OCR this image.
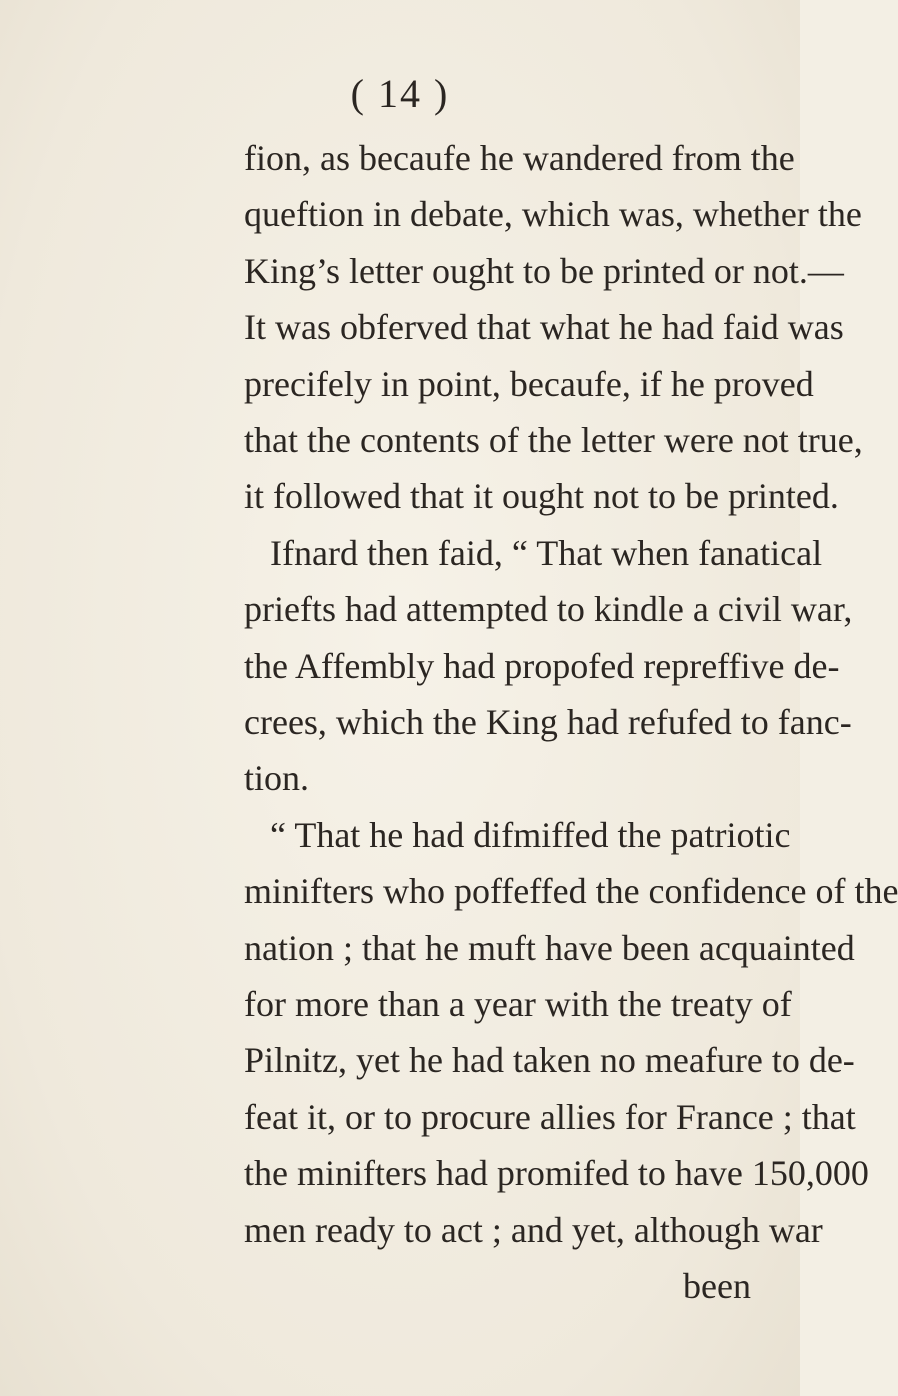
( 14 )
fion, as becaufe he wandered from the
queftion in debate, which was, whether the
King’s letter ought to be printed or not.—
It was obferved that what he had faid was
precifely in point, becaufe, if he proved
that the contents of the letter were not true,
it followed that it ought not to be printed.
Ifnard then faid, “ That when fanatical
priefts had attempted to kindle a civil war,
the Affembly had propofed repreffive de-
crees, which the King had refufed to fanc-
tion.
“ That he had difmiffed the patriotic
minifters who poffeffed the confidence of the
nation ; that he muft have been acquainted
for more than a year with the treaty of
Pilnitz, yet he had taken no meafure to de-
feat it, or to procure allies for France ; that
the minifters had promifed to have 150,000
men ready to act ; and yet, although war
been
